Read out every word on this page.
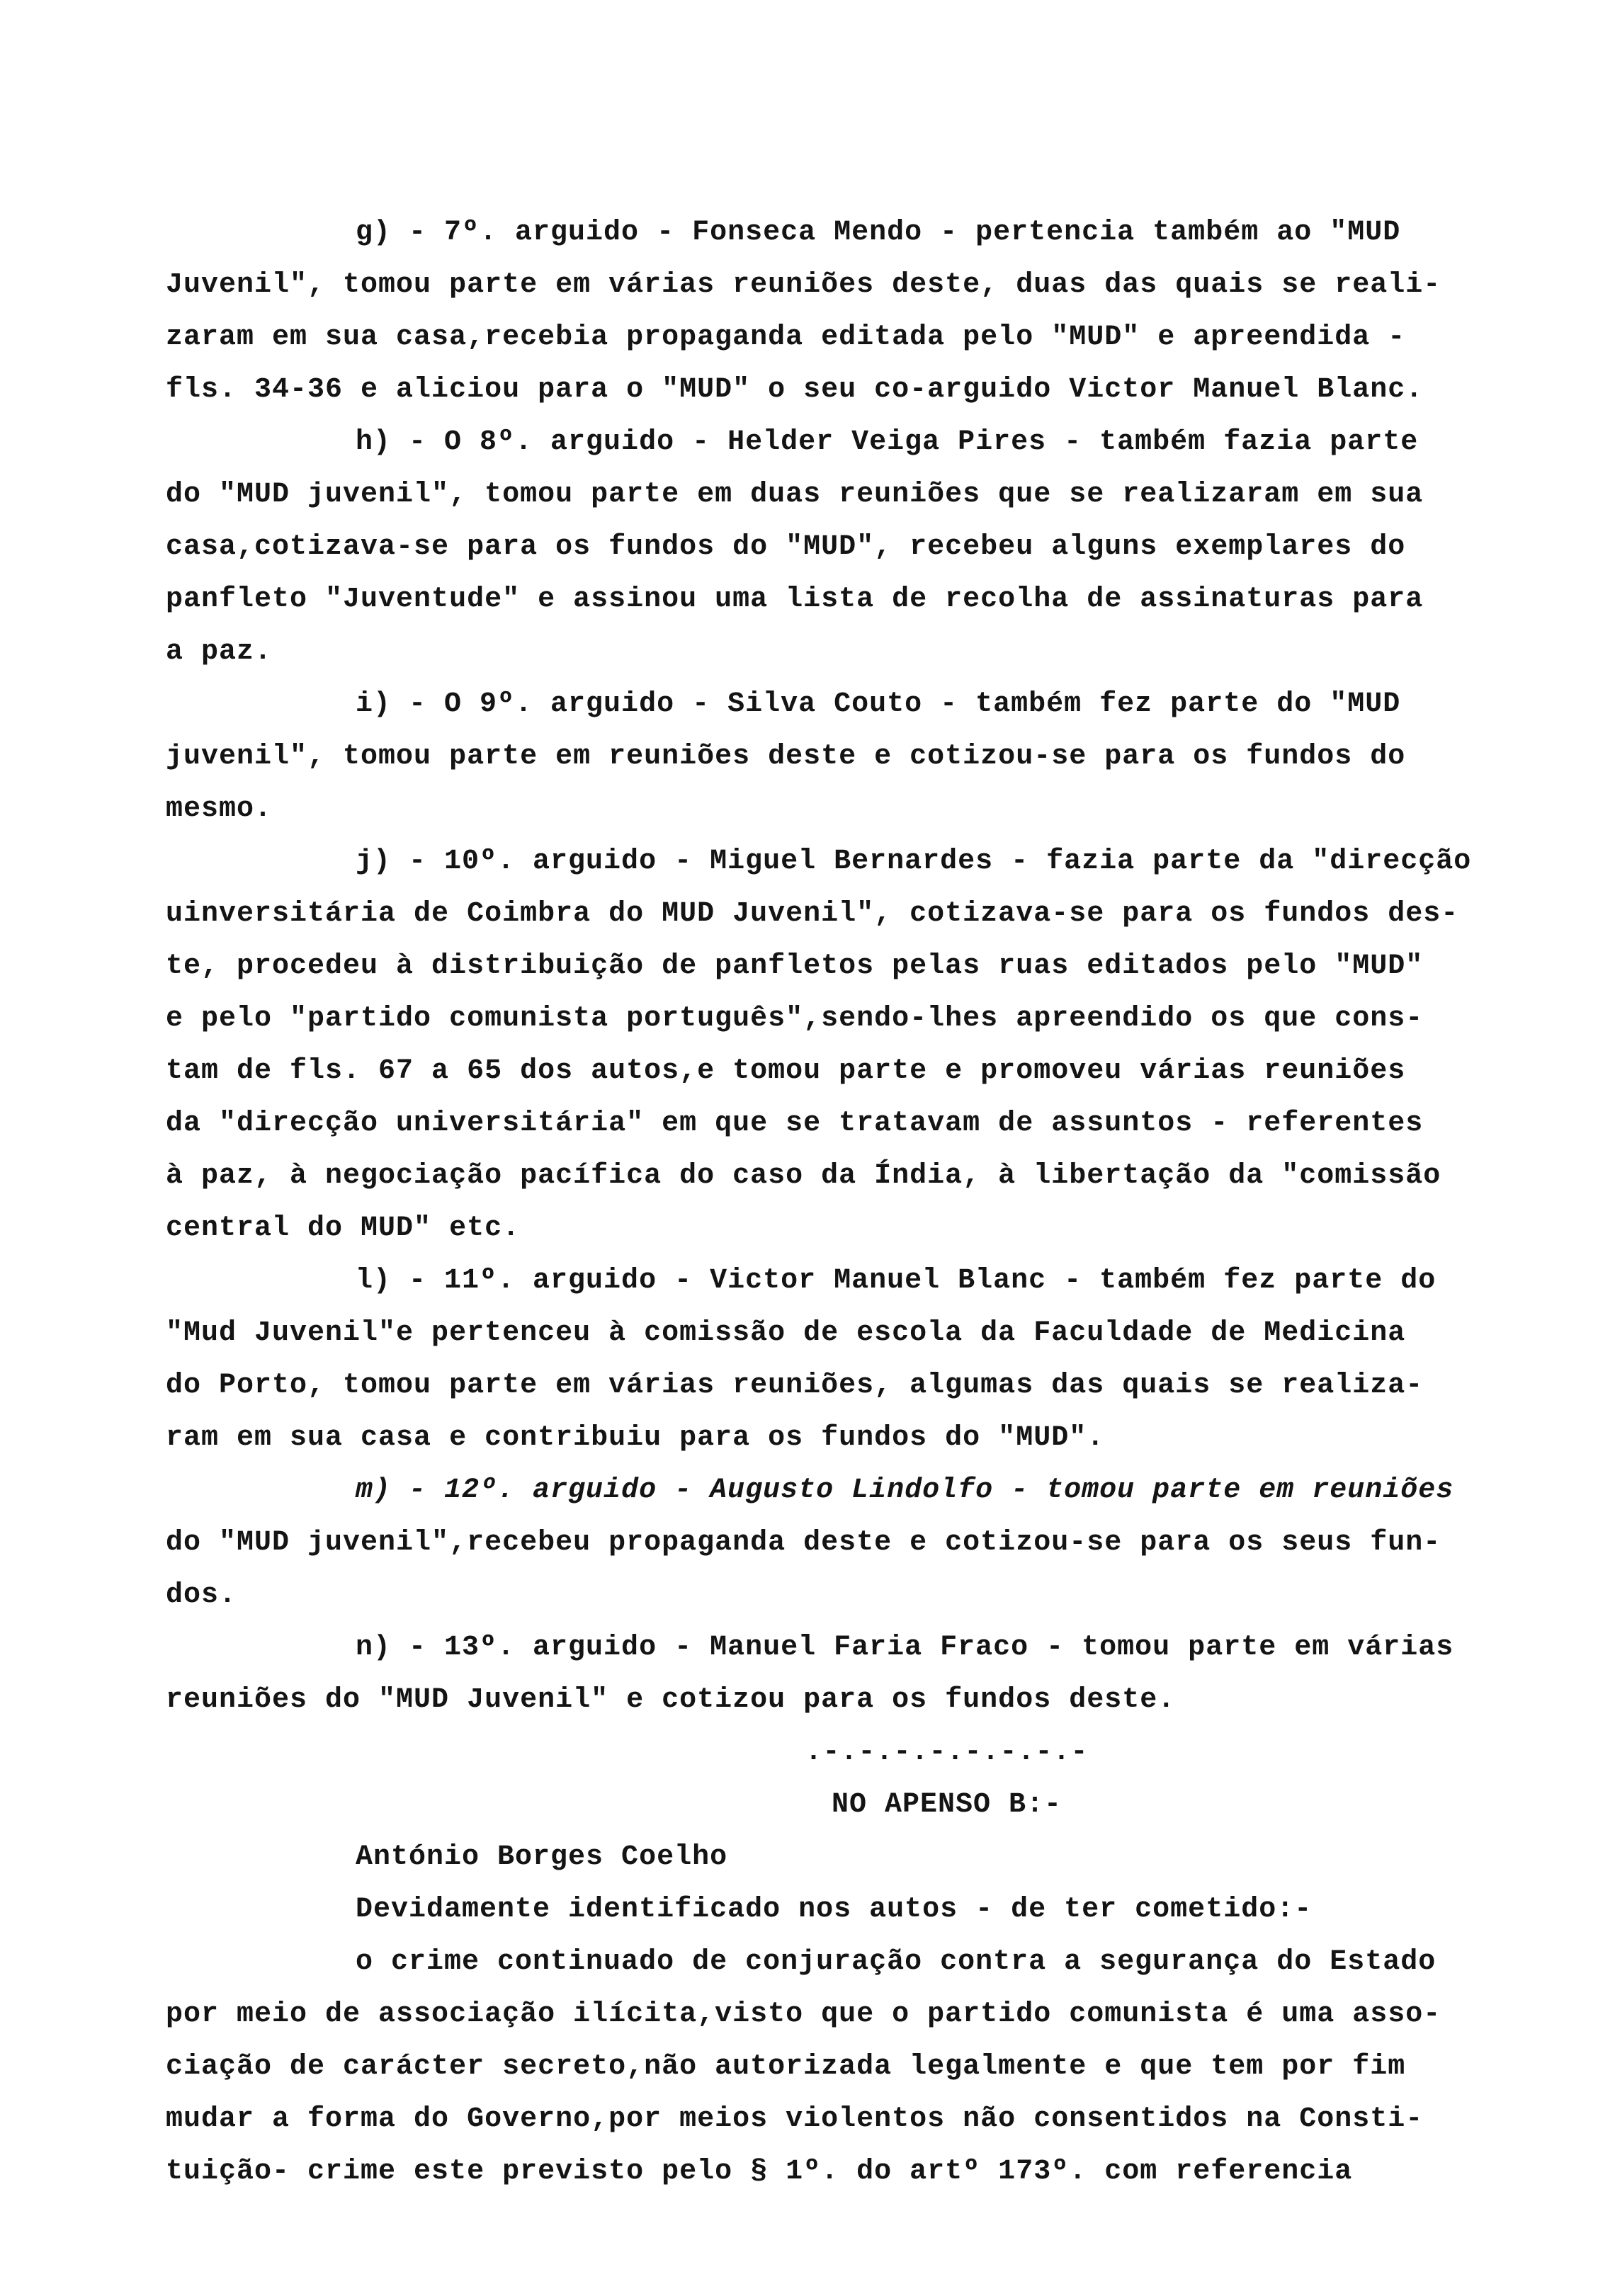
g) - 7º. arguido - Fonseca Mendo - pertencia também ao "MUD
Juvenil", tomou parte em várias reuniões deste, duas das quais se reali-
zaram em sua casa,recebia propaganda editada pelo "MUD" e apreendida -
fls. 34-36 e aliciou para o "MUD" o seu co-arguido Victor Manuel Blanc.
h) - O 8º. arguido - Helder Veiga Pires - também fazia parte
do "MUD juvenil", tomou parte em duas reuniões que se realizaram em sua
casa,cotizava-se para os fundos do "MUD", recebeu alguns exemplares do
panfleto "Juventude" e assinou uma lista de recolha de assinaturas para
a paz.
i) - O 9º. arguido - Silva Couto - também fez parte do "MUD
juvenil", tomou parte em reuniões deste e cotizou-se para os fundos do
mesmo.
j) - 10º. arguido - Miguel Bernardes - fazia parte da "direcção
uinversitária de Coimbra do MUD Juvenil", cotizava-se para os fundos des-
te, procedeu à distribuição de panfletos pelas ruas editados pelo "MUD"
e pelo "partido comunista português",sendo-lhes apreendido os que cons-
tam de fls. 67 a 65 dos autos,e tomou parte e promoveu várias reuniões
da "direcção universitária" em que se tratavam de assuntos - referentes
à paz, à negociação pacífica do caso da Índia, à libertação da "comissão
central do MUD" etc.
l) - 11º. arguido - Victor Manuel Blanc - também fez parte do
"Mud Juvenil"e pertenceu à comissão de escola da Faculdade de Medicina
do Porto, tomou parte em várias reuniões, algumas das quais se realiza-
ram em sua casa e contribuiu para os fundos do "MUD".
m) - 12º. arguido - Augusto Lindolfo - tomou parte em reuniões
do "MUD juvenil",recebeu propaganda deste e cotizou-se para os seus fun-
dos.
n) - 13º. arguido - Manuel Faria Fraco - tomou parte em várias
reuniões do "MUD Juvenil" e cotizou para os fundos deste.
.-.-.-.-.-.-.-.-
NO APENSO B:-
António Borges Coelho
Devidamente identificado nos autos - de ter cometido:-
o crime continuado de conjuração contra a segurança do Estado
por meio de associação ilícita,visto que o partido comunista é uma asso-
ciação de carácter secreto,não autorizada legalmente e que tem por fim
mudar a forma do Governo,por meios violentos não consentidos na Consti-
tuição- crime este previsto pelo § 1º. do artº 173º. com referencia
